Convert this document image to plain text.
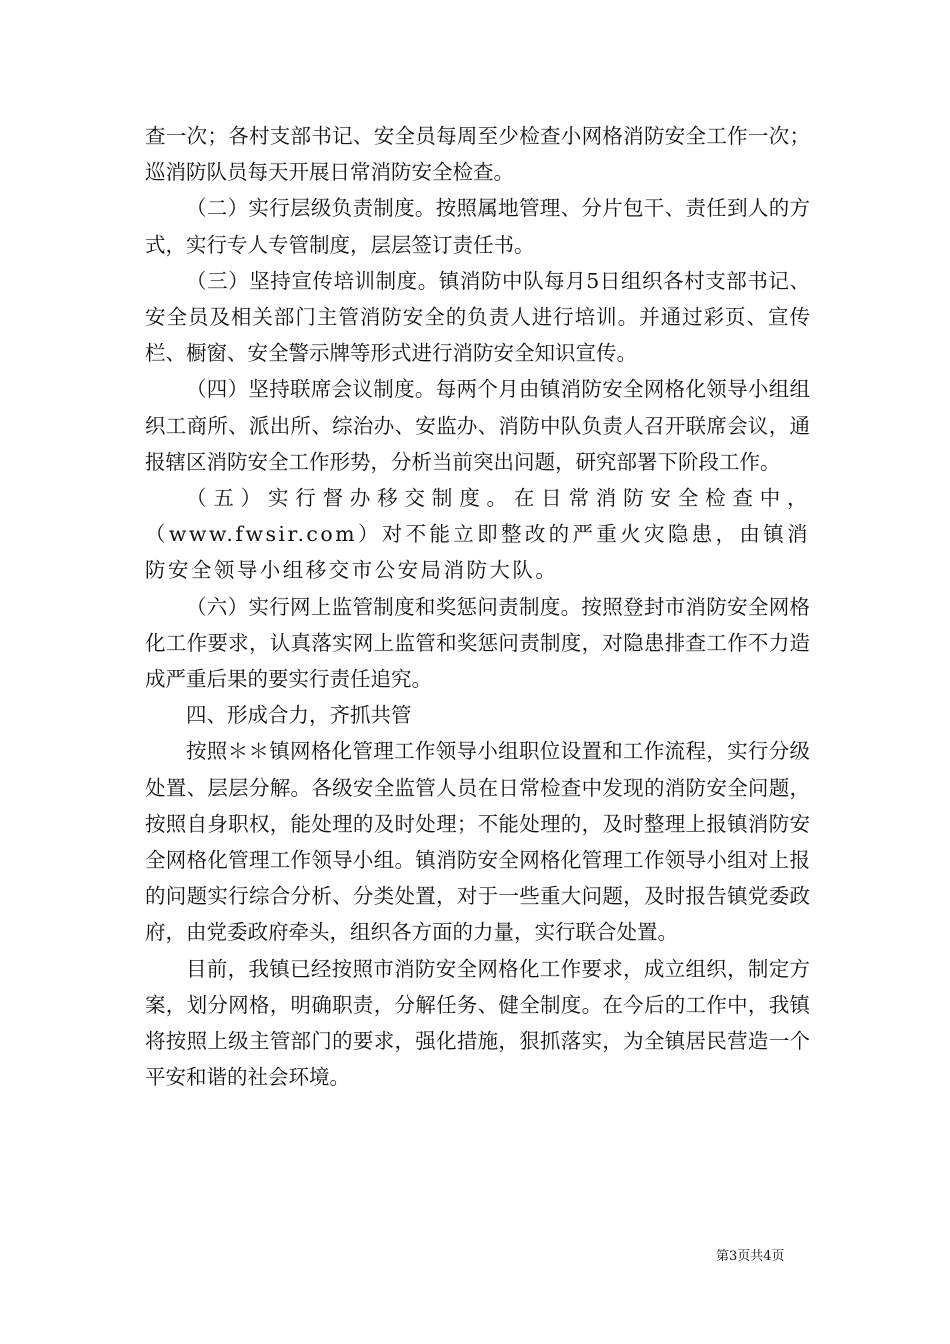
查一次；各村支部书记、安全员每周至少检查小网格消防安全工作一次；巡消防队员每天开展日常消防安全检查。

（二）实行层级负责制度。按照属地管理、分片包干、责任到人的方式，实行专人专管制度，层层签订责任书。

（三）坚持宣传培训制度。镇消防中队每月5日组织各村支部书记、安全员及相关部门主管消防安全的负责人进行培训。并通过彩页、宣传栏、橱窗、安全警示牌等形式进行消防安全知识宣传。

（四）坚持联席会议制度。每两个月由镇消防安全网格化领导小组组织工商所、派出所、综治办、安监办、消防中队负责人召开联席会议，通报辖区消防安全工作形势，分析当前突出问题，研究部署下阶段工作。

（五）实行督办移交制度。在日常消防安全检查中，（www.fwsir.com）对不能立即整改的严重火灾隐患，由镇消防安全领导小组移交市公安局消防大队。

（六）实行网上监管制度和奖惩问责制度。按照登封市消防安全网格化工作要求，认真落实网上监管和奖惩问责制度，对隐患排查工作不力造成严重后果的要实行责任追究。

四、形成合力，齐抓共管

按照＊＊镇网格化管理工作领导小组职位设置和工作流程，实行分级处置、层层分解。各级安全监管人员在日常检查中发现的消防安全问题，按照自身职权，能处理的及时处理；不能处理的，及时整理上报镇消防安全网格化管理工作领导小组。镇消防安全网格化管理工作领导小组对上报的问题实行综合分析、分类处置，对于一些重大问题，及时报告镇党委政府，由党委政府牵头，组织各方面的力量，实行联合处置。

目前，我镇已经按照市消防安全网格化工作要求，成立组织，制定方案，划分网格，明确职责，分解任务、健全制度。在今后的工作中，我镇将按照上级主管部门的要求，强化措施，狠抓落实，为全镇居民营造一个平安和谐的社会环境。

第3页共4页
